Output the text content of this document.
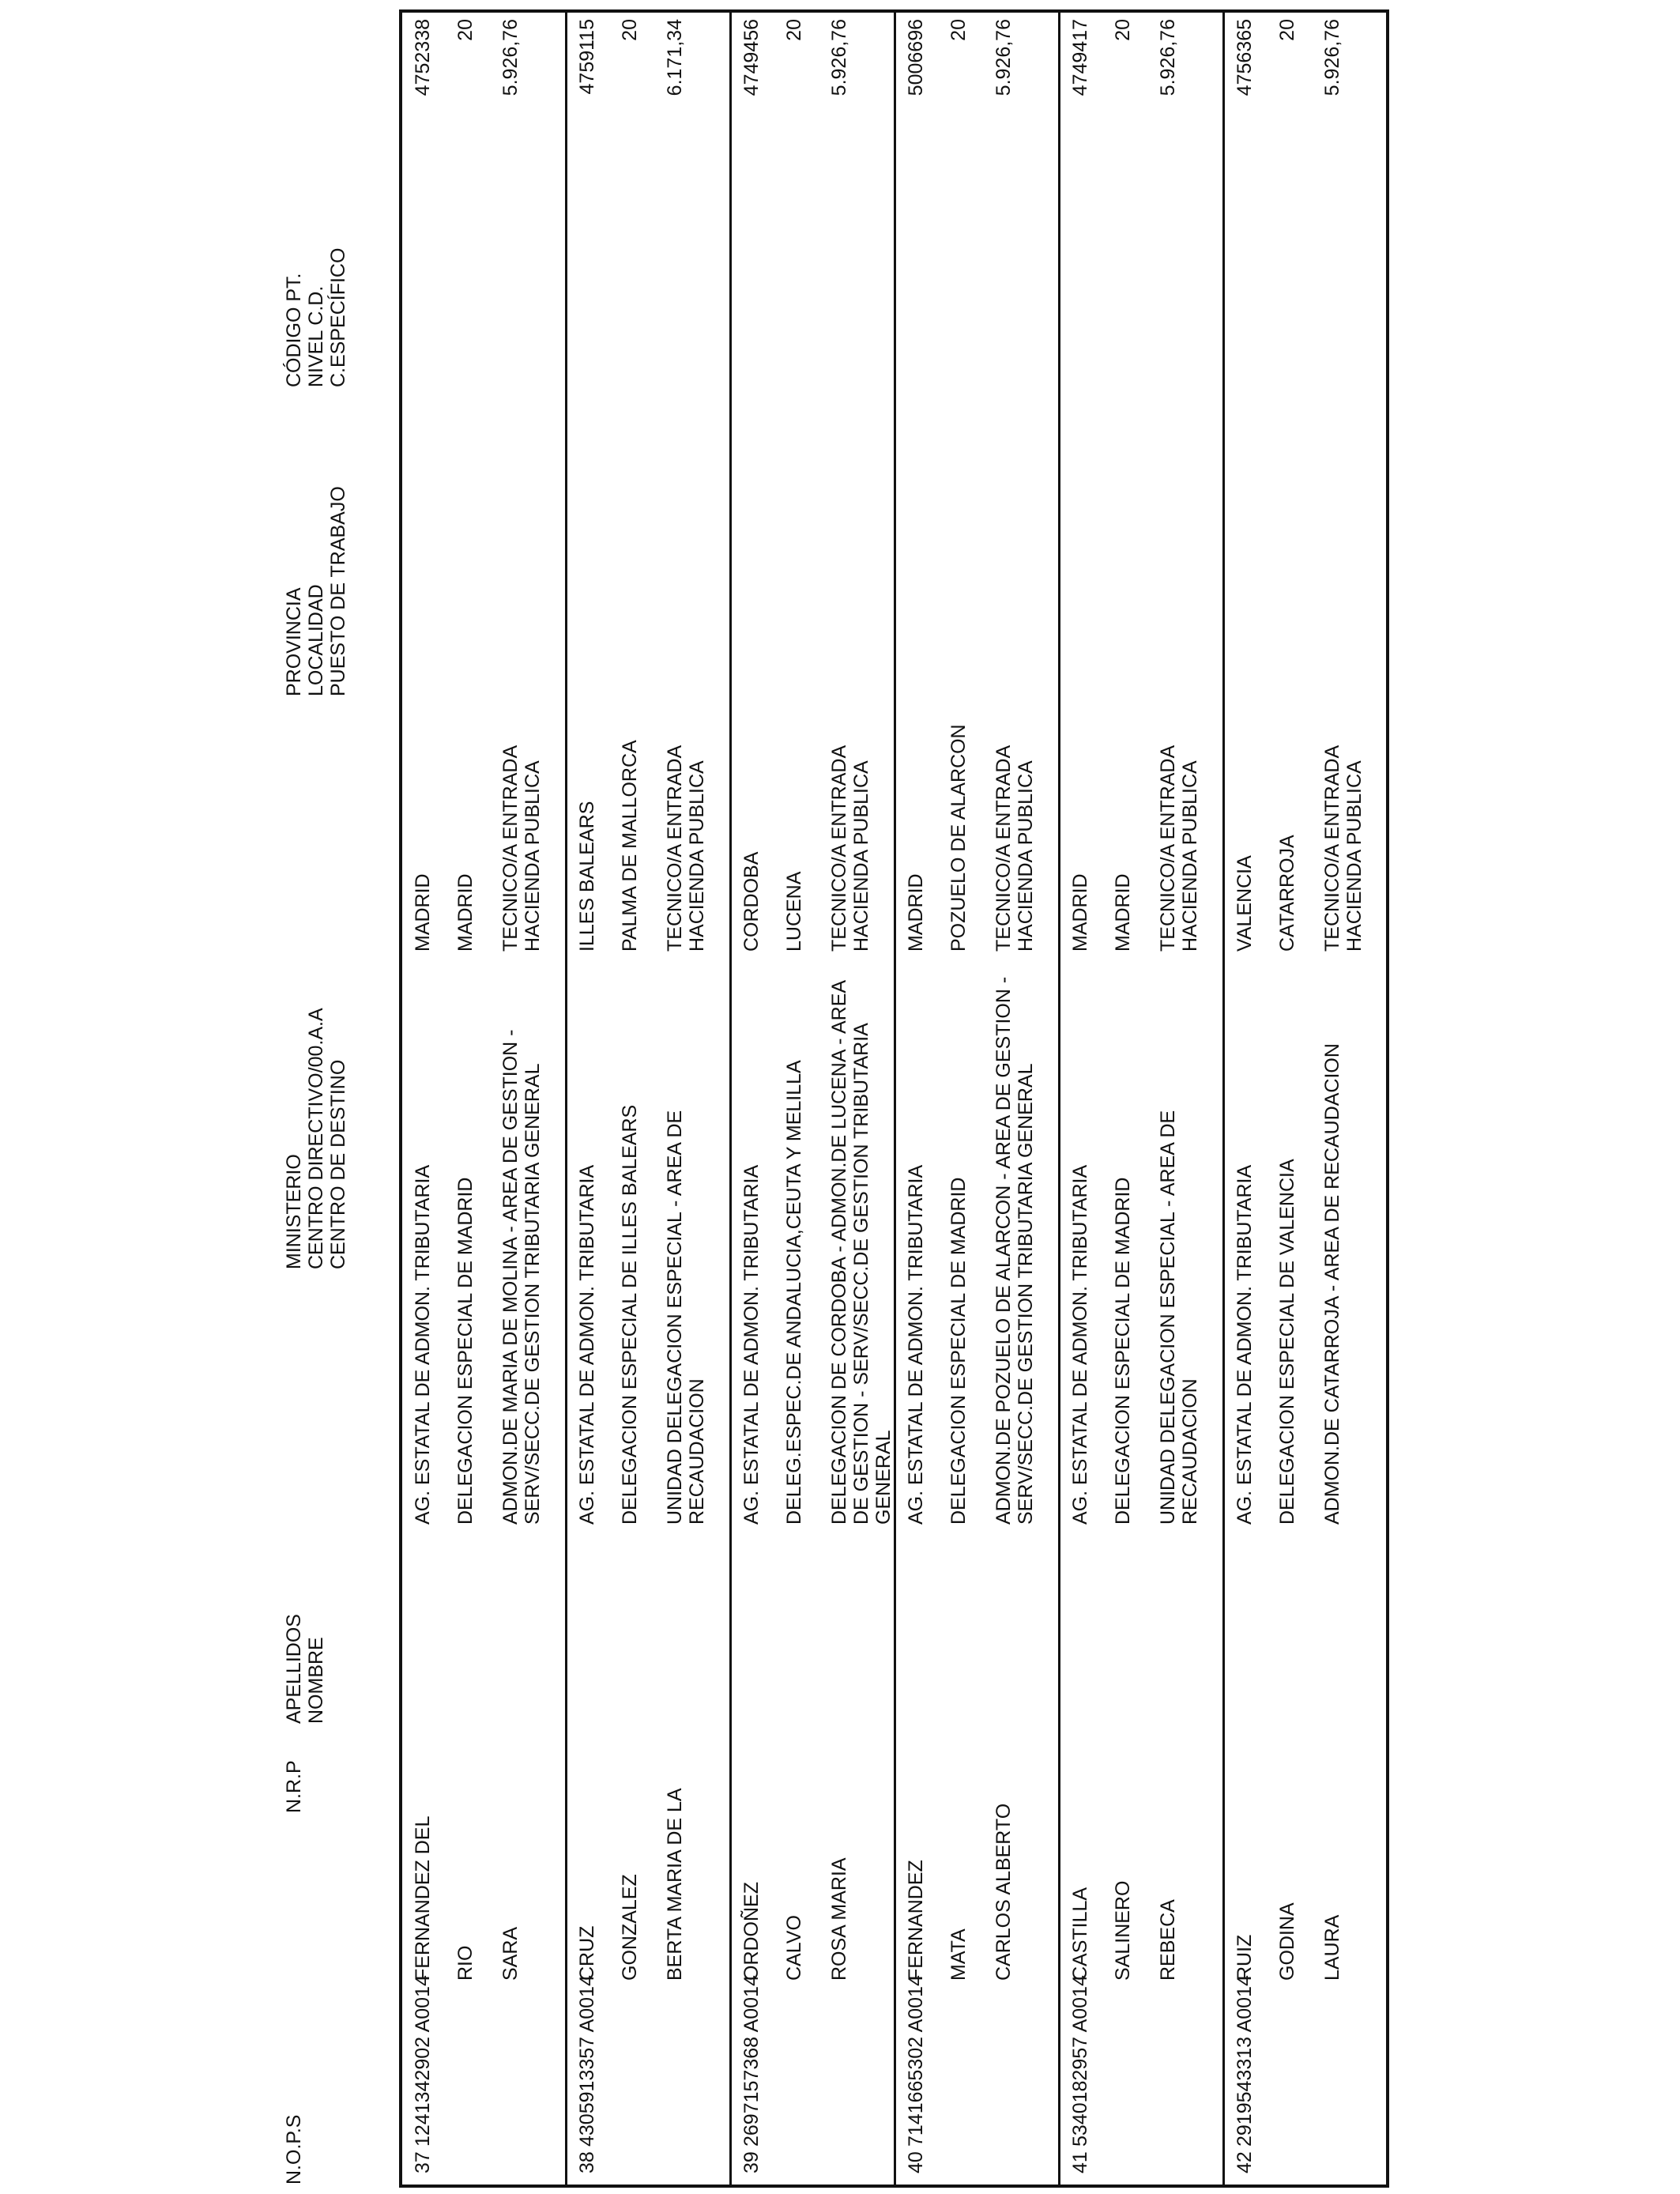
N.O.P.S
N.R.P
APELLIDOS
NOMBRE
MINISTERIO
CENTRO DIRECTIVO/00.A.A
CENTRO DE DESTINO
PROVINCIA
LOCALIDAD
PUESTO DE TRABAJO
CÓDIGO PT.
NIVEL C.D.
C.ESPECÍFICO
37
1241342902 A0014
FERNANDEZ DEL RIO SARA
AG. ESTATAL DE ADMON. TRIBUTARIA DELEGACION ESPECIAL DE MADRID ADMON.DE MARIA DE MOLINA - AREA DE GESTION - SERV/SECC.DE GESTION TRIBUTARIA GENERAL
MADRID MADRID TECNICO/A ENTRADA HACIENDA PUBLICA
4752338 20 5.926,76
38
4305913357 A0014
CRUZ GONZALEZ BERTA MARIA DE LA
AG. ESTATAL DE ADMON. TRIBUTARIA DELEGACION ESPECIAL DE ILLES BALEARS UNIDAD DELEGACION ESPECIAL - AREA DE RECAUDACION
ILLES BALEARS PALMA DE MALLORCA TECNICO/A ENTRADA HACIENDA PUBLICA
4759115 20 6.171,34
39
2697157368 A0014
ORDOÑEZ CALVO ROSA MARIA
AG. ESTATAL DE ADMON. TRIBUTARIA DELEG.ESPEC.DE ANDALUCIA,CEUTA Y MELILLA DELEGACION DE CORDOBA - ADMON.DE LUCENA - AREA DE GESTION - SERV/SECC.DE GESTION TRIBUTARIA GENERAL
CORDOBA LUCENA TECNICO/A ENTRADA HACIENDA PUBLICA
4749456 20 5.926,76
40
7141665302 A0014
FERNANDEZ MATA CARLOS ALBERTO
AG. ESTATAL DE ADMON. TRIBUTARIA DELEGACION ESPECIAL DE MADRID ADMON.DE POZUELO DE ALARCON - AREA DE GESTION - SERV/SECC.DE GESTION TRIBUTARIA GENERAL
MADRID POZUELO DE ALARCON TECNICO/A ENTRADA HACIENDA PUBLICA
5006696 20 5.926,76
41
5340182957 A0014
CASTILLA SALINERO REBECA
AG. ESTATAL DE ADMON. TRIBUTARIA DELEGACION ESPECIAL DE MADRID UNIDAD DELEGACION ESPECIAL - AREA DE RECAUDACION
MADRID MADRID TECNICO/A ENTRADA HACIENDA PUBLICA
4749417 20 5.926,76
42
2919543313 A0014
RUIZ GODINA LAURA
AG. ESTATAL DE ADMON. TRIBUTARIA DELEGACION ESPECIAL DE VALENCIA ADMON.DE CATARROJA - AREA DE RECAUDACION
VALENCIA CATARROJA TECNICO/A ENTRADA HACIENDA PUBLICA
4756365 20 5.926,76
